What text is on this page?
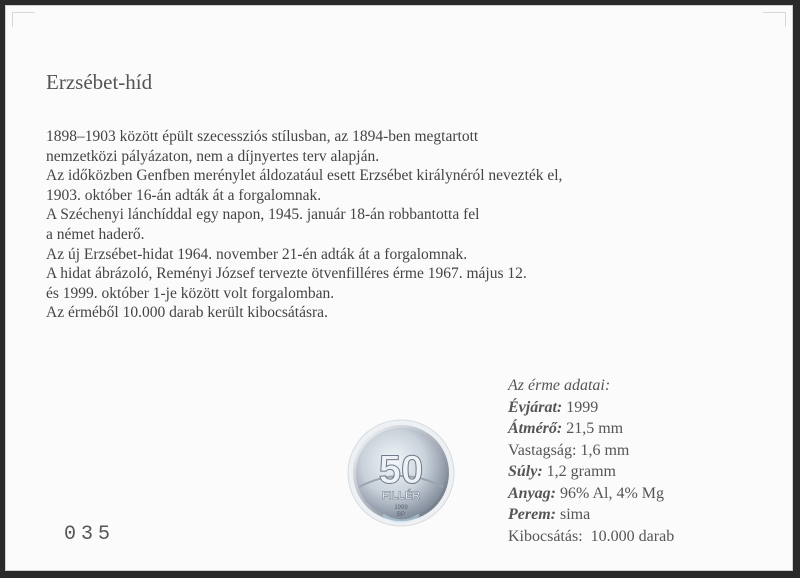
Erzsébet-híd
1898–1903 között épült szecessziós stílusban, az 1894-ben megtartott
nemzetközi pályázaton, nem a díjnyertes terv alapján.
Az időközben Genfben merénylet áldozatául esett Erzsébet királynéról nevezték el,
1903. október 16-án adták át a forgalomnak.
A Széchenyi lánchíddal egy napon, 1945. január 18-án robbantotta fel
a német haderő.
Az új Erzsébet-hidat 1964. november 21-én adták át a forgalomnak.
A hidat ábrázoló, Reményi József tervezte ötvenfilléres érme 1967. május 12.
és 1999. október 1-je között volt forgalomban.
Az érméből 10.000 darab került kibocsátásra.
50
FILLÉR
1999
BP
Az érme adatai:
Évjárat: 1999
Átmérő: 21,5 mm
Vastagság: 1,6 mm
Súly: 1,2 gramm
Anyag: 96% Al, 4% Mg
Perem: sima
Kibocsátás:  10.000 darab
035
